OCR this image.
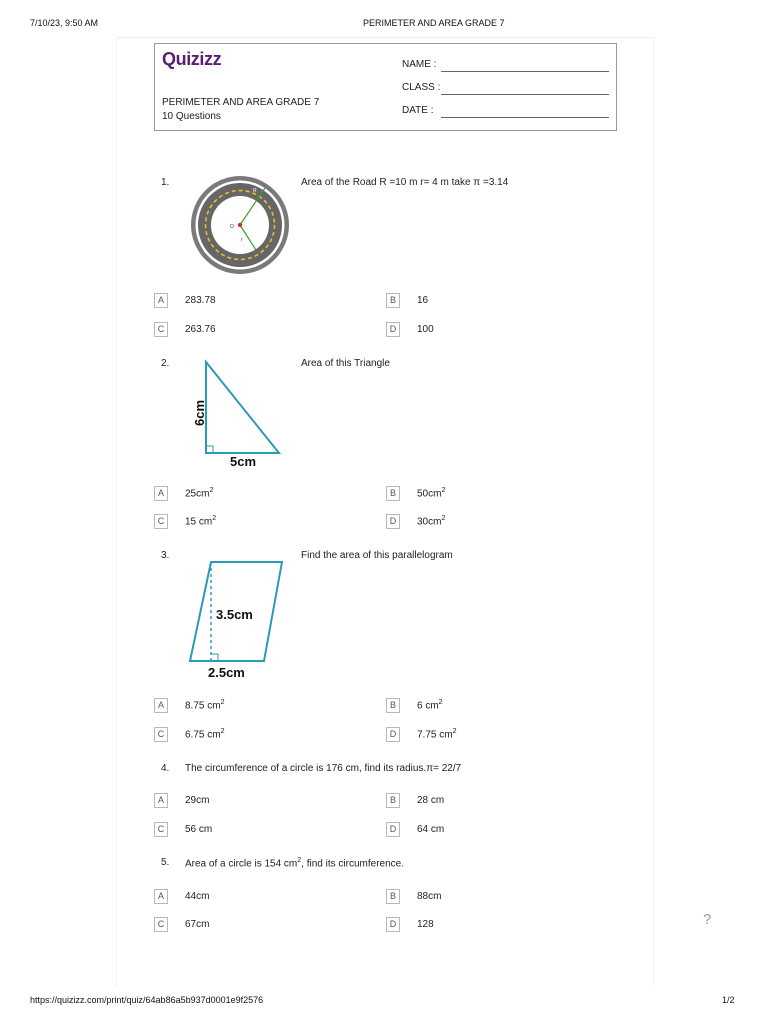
7/10/23, 9:50 AM	PERIMETER AND AREA GRADE 7
https://quizizz.com/print/quiz/64ab86a5b937d0001e9f2576	1/2
Quizizz
PERIMETER AND AREA GRADE 7
10 Questions
NAME :
CLASS :
DATE :
1.	Area of the Road R =10 m r= 4 m take π =3.14
R
O
r
A	283.78	B	16
C	263.76	D	100
2.	Area of this Triangle
6cm
5cm
A	$25cm^2$	B	$50cm^2$
C	15 $cm^2$	D	$30cm^2$
3.	Find the area of this parallelogram
3.5cm
2.5cm
A	8.75 $cm^2$	B	6 $cm^2$
C	6.75 $cm^2$	D	7.75 $cm^2$
4. The circumference of a circle is 176 cm, find its radius.π= 22/7
A	29cm	B	28 cm
C	56 cm	D	64 cm
5. Area of a circle is 154 $cm^2$, find its circumference.
A	44cm	B	88cm
C	67cm	D	128	?
